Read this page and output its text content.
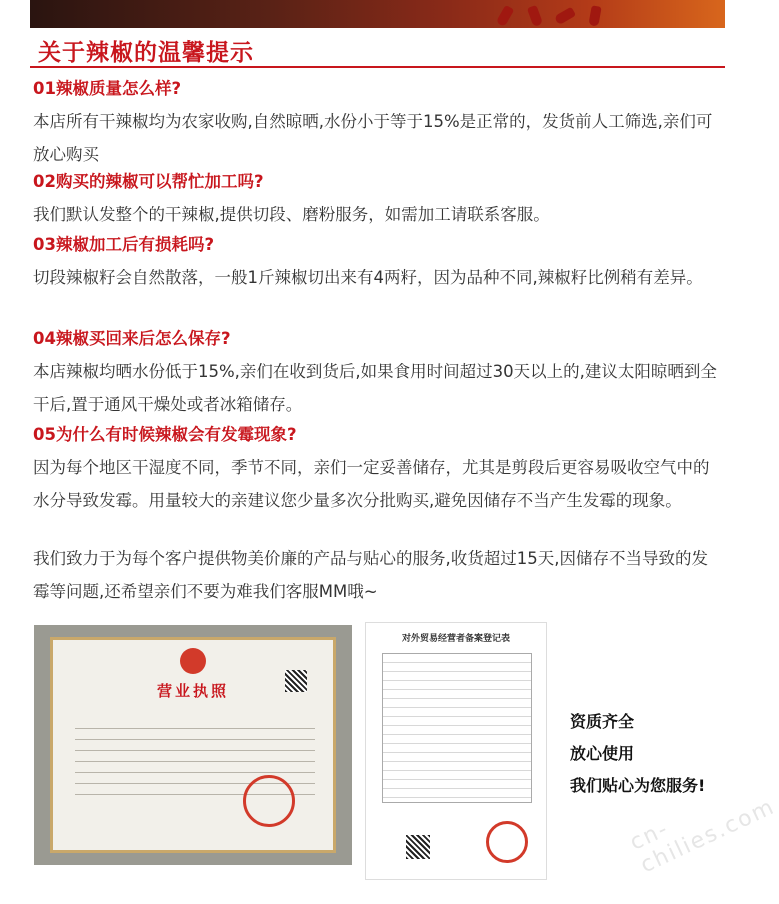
关于辣椒的温馨提示
01辣椒质量怎么样?
本店所有干辣椒均为农家收购,自然晾晒,水份小于等于15%是正常的，发货前人工筛选,亲们可放心购买
02购买的辣椒可以帮忙加工吗?
我们默认发整个的干辣椒,提供切段、磨粉服务，如需加工请联系客服。
03辣椒加工后有损耗吗?
切段辣椒籽会自然散落，一般1斤辣椒切出来有4两籽，因为品种不同,辣椒籽比例稍有差异。
04辣椒买回来后怎么保存?
本店辣椒均晒水份低于15%,亲们在收到货后,如果食用时间超过30天以上的,建议太阳晾晒到全干后,置于通风干燥处或者冰箱储存。
05为什么有时候辣椒会有发霉现象?
因为每个地区干湿度不同，季节不同，亲们一定妥善储存，尤其是剪段后更容易吸收空气中的水分导致发霉。用量较大的亲建议您少量多次分批购买,避免因储存不当产生发霉的现象。
我们致力于为每个客户提供物美价廉的产品与贴心的服务,收货超过15天,因储存不当导致的发霉等问题,还希望亲们不要为难我们客服MM哦~
营业执照
对外贸易经营者备案登记表
资质齐全
放心使用
我们贴心为您服务!
cn-chilies.com
